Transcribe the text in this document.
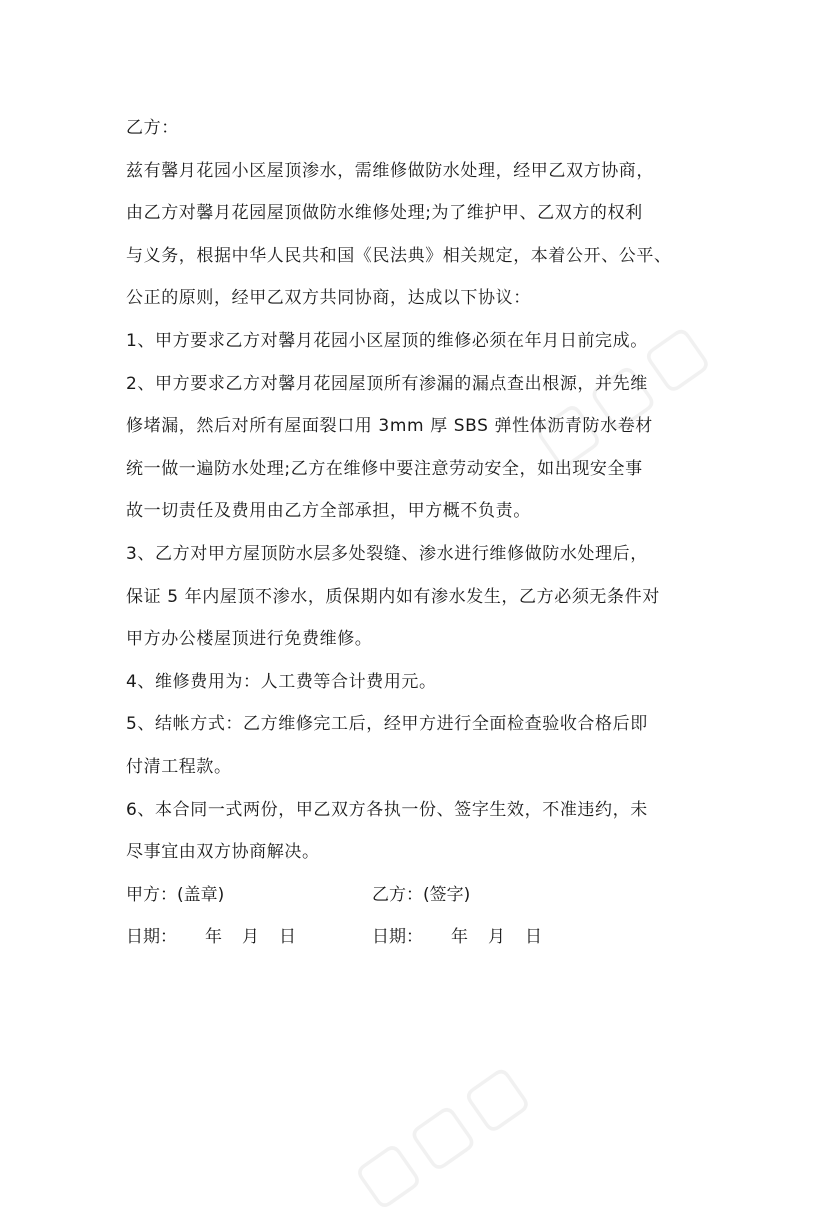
乙方：
兹有馨月花园小区屋顶渗水，需维修做防水处理，经甲乙双方协商，
由乙方对馨月花园屋顶做防水维修处理;为了维护甲、乙双方的权利
与义务，根据中华人民共和国《民法典》相关规定，本着公开、公平、
公正的原则，经甲乙双方共同协商，达成以下协议：
1、甲方要求乙方对馨月花园小区屋顶的维修必须在年月日前完成。
2、甲方要求乙方对馨月花园屋顶所有渗漏的漏点查出根源，并先维
修堵漏，然后对所有屋面裂口用 3mm 厚 SBS 弹性体沥青防水卷材
统一做一遍防水处理;乙方在维修中要注意劳动安全，如出现安全事
故一切责任及费用由乙方全部承担，甲方概不负责。
3、乙方对甲方屋顶防水层多处裂缝、渗水进行维修做防水处理后，
保证 5 年内屋顶不渗水，质保期内如有渗水发生，乙方必须无条件对
甲方办公楼屋顶进行免费维修。
4、维修费用为：人工费等合计费用元。
5、结帐方式：乙方维修完工后，经甲方进行全面检查验收合格后即
付清工程款。
6、本合同一式两份，甲乙双方各执一份、签字生效，不准违约，未
尽事宜由双方协商解决。
甲方：(盖章)	乙方：(签字)
日期： 年 月 日	日期： 年 月 日
▢▢▢
▢▢▢
